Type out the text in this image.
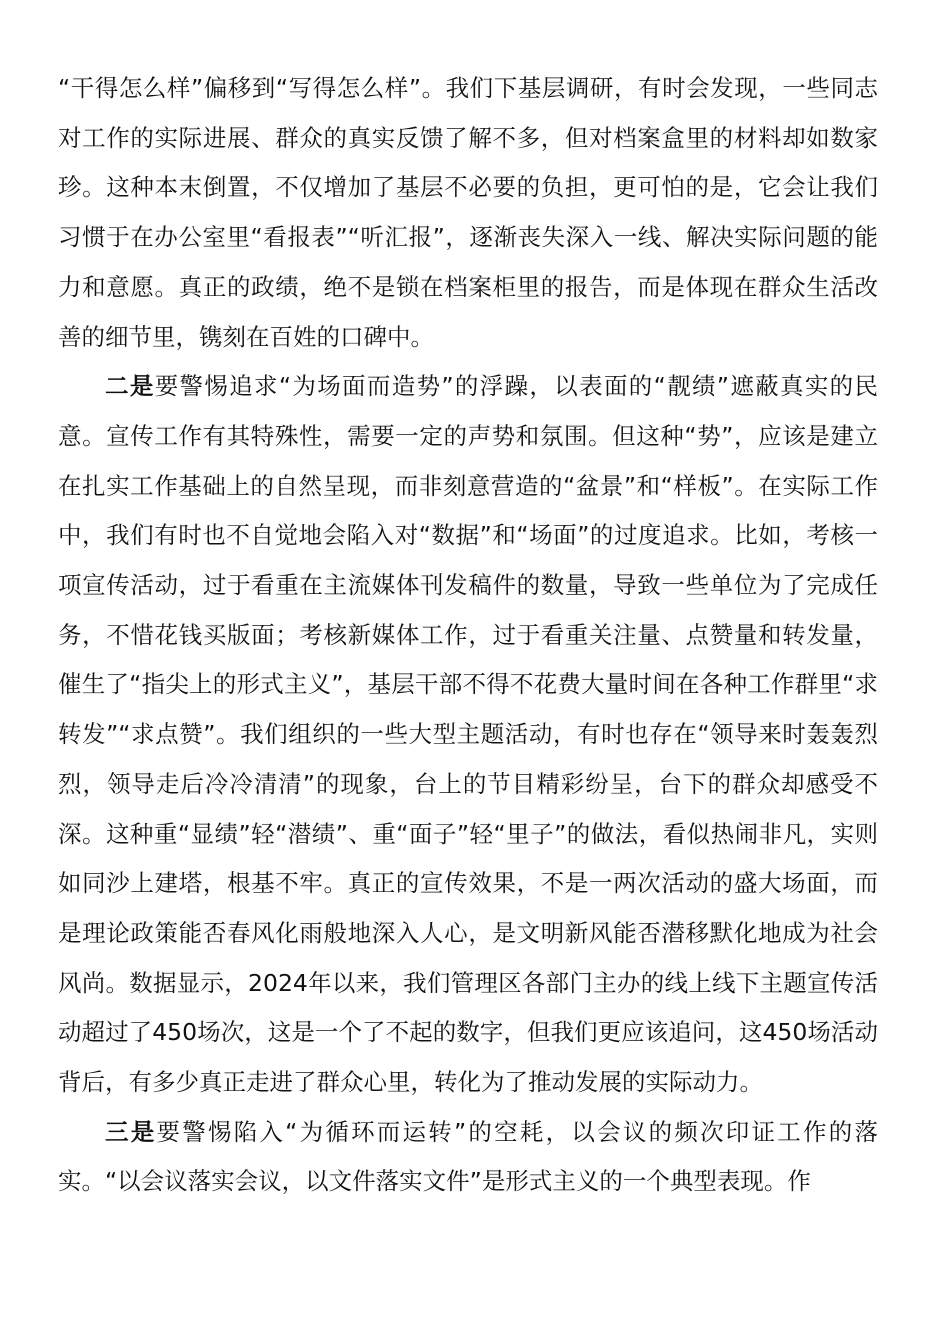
“干得怎么样”偏移到“写得怎么样”。我们下基层调研，有时会发现，一些同志对工作的实际进展、群众的真实反馈了解不多，但对档案盒里的材料却如数家珍。这种本末倒置，不仅增加了基层不必要的负担，更可怕的是，它会让我们习惯于在办公室里“看报表”“听汇报”，逐渐丧失深入一线、解决实际问题的能力和意愿。真正的政绩，绝不是锁在档案柜里的报告，而是体现在群众生活改善的细节里，镌刻在百姓的口碑中。

二是要警惕追求“为场面而造势”的浮躁，以表面的“靓绩”遮蔽真实的民意。宣传工作有其特殊性，需要一定的声势和氛围。但这种“势”，应该是建立在扎实工作基础上的自然呈现，而非刻意营造的“盆景”和“样板”。在实际工作中，我们有时也不自觉地会陷入对“数据”和“场面”的过度追求。比如，考核一项宣传活动，过于看重在主流媒体刊发稿件的数量，导致一些单位为了完成任务，不惜花钱买版面；考核新媒体工作，过于看重关注量、点赞量和转发量，催生了“指尖上的形式主义”，基层干部不得不花费大量时间在各种工作群里“求转发”“求点赞”。我们组织的一些大型主题活动，有时也存在“领导来时轰轰烈烈，领导走后冷冷清清”的现象，台上的节目精彩纷呈，台下的群众却感受不深。这种重“显绩”轻“潜绩”、重“面子”轻“里子”的做法，看似热闹非凡，实则如同沙上建塔，根基不牢。真正的宣传效果，不是一两次活动的盛大场面，而是理论政策能否春风化雨般地深入人心，是文明新风能否潜移默化地成为社会风尚。数据显示，2024年以来，我们管理区各部门主办的线上线下主题宣传活动超过了450场次，这是一个了不起的数字，但我们更应该追问，这450场活动背后，有多少真正走进了群众心里，转化为了推动发展的实际动力。

三是要警惕陷入“为循环而运转”的空耗，以会议的频次印证工作的落实。“以会议落实会议，以文件落实文件”是形式主义的一个典型表现。作
